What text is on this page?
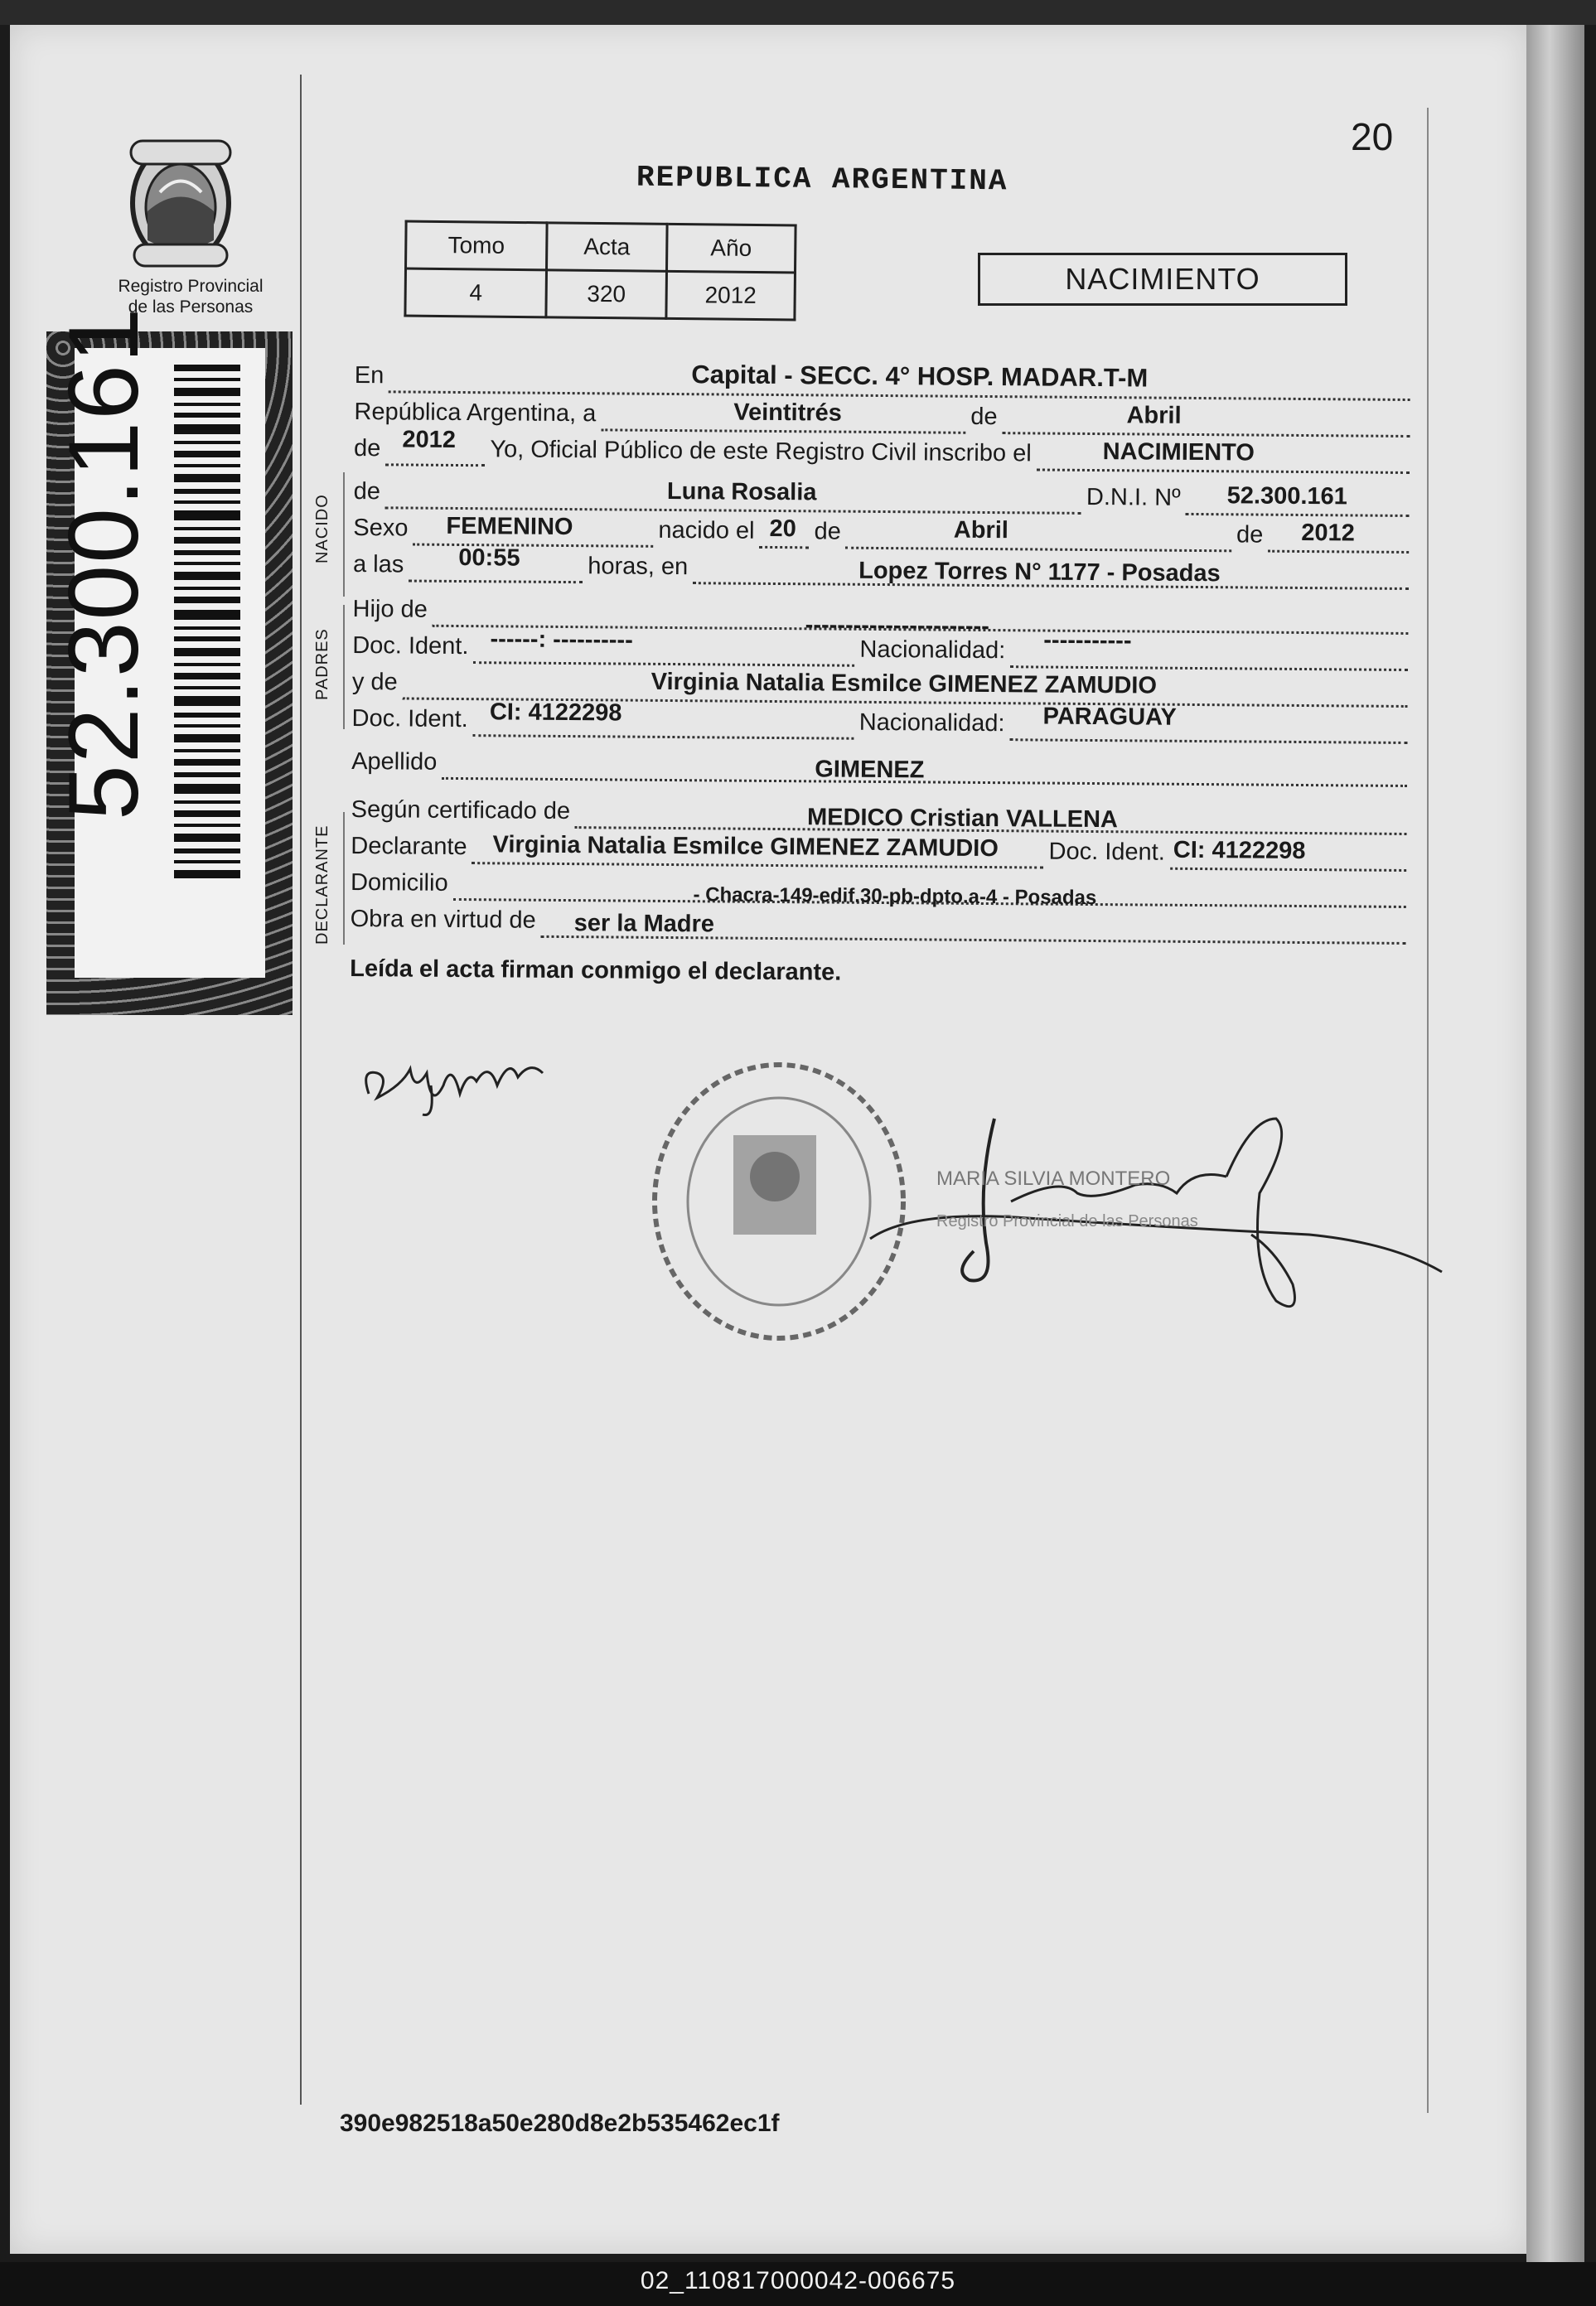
Registro Provincial
de las Personas
52.300.161
20
REPUBLICA ARGENTINA
Tomo	Acta	Año
4	320	2012	NACIMIENTO
NACIDO
PADRES
DECLARANTE
En	Capital - SECC. 4° HOSP. MADAR.T-M
República Argentina, a	Veintitrés	de	Abril
de 2012 Yo, Oficial Público de este Registro Civil inscribo el	NACIMIENTO
de	Luna Rosalia	D.N.I. Nº 52.300.161
Sexo FEMENINO	nacido el 20 de	Abril	de 2012
a las 00:55	horas, en	Lopez Torres N° 1177 - Posadas
Hijo de
-----------------------
Doc. Ident. ------: ----------	Nacionalidad: -----------
y de	Virginia Natalia Esmilce GIMENEZ ZAMUDIO
Doc. Ident. CI: 4122298	Nacionalidad: PARAGUAY
Apellido	GIMENEZ
Según certificado de	MEDICO Cristian VALLENA
Declarante Virginia Natalia Esmilce GIMENEZ ZAMUDIO Doc. Ident. CI: 4122298
Domicilio	- Chacra-149-edif.30-pb-dpto.a-4 - Posadas
Obra en virtud de ser la Madre
Leída el acta firman conmigo el declarante.
MARIA SILVIA MONTERO
Registro Provincial de las Personas
390e982518a50e280d8e2b535462ec1f
02_110817000042-006675
